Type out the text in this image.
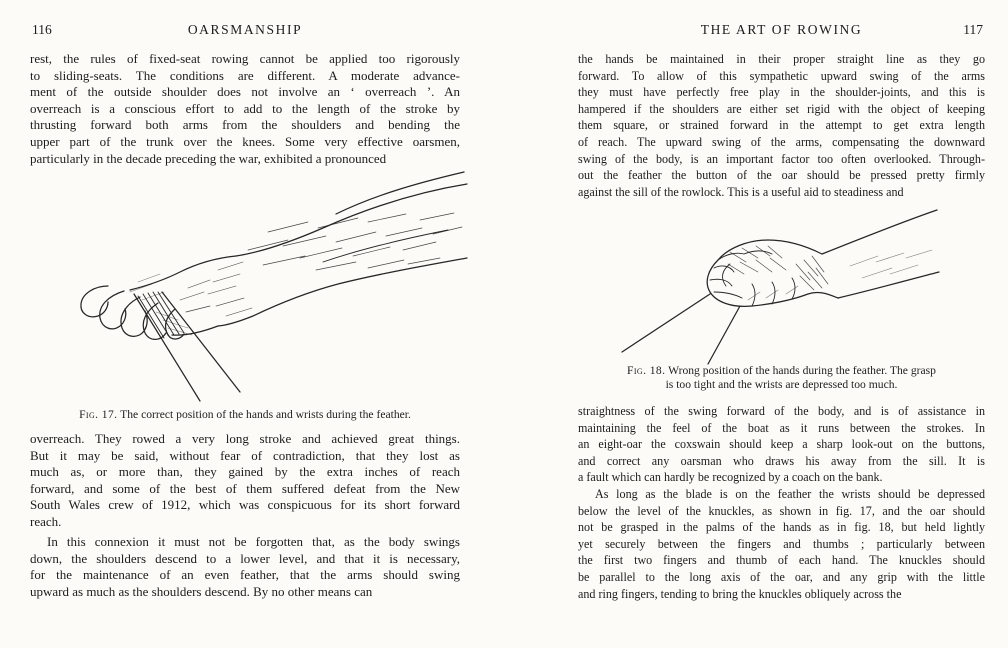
116	OARSMANSHIP
rest, the rules of fixed-seat rowing cannot be applied too rigorously
to sliding-seats. The conditions are different. A moderate advance-
ment of the outside shoulder does not involve an ‘ overreach ’. An
overreach is a conscious effort to add to the length of the stroke by
thrusting forward both arms from the shoulders and bending the
upper part of the trunk over the knees. Some very effective oarsmen,
particularly in the decade preceding the war, exhibited a pronounced
Fig. 17. The correct position of the hands and wrists during the feather.
overreach. They rowed a very long stroke and achieved great things.
But it may be said, without fear of contradiction, that they lost as
much as, or more than, they gained by the extra inches of reach
forward, and some of the best of them suffered defeat from the New
South Wales crew of 1912, which was conspicuous for its short forward
reach.
In this connexion it must not be forgotten that, as the body swings
down, the shoulders descend to a lower level, and that it is necessary,
for the maintenance of an even feather, that the arms should swing
upward as much as the shoulders descend. By no other means can
THE ART OF ROWING	117
the hands be maintained in their proper straight line as they go
forward. To allow of this sympathetic upward swing of the arms
they must have perfectly free play in the shoulder-joints, and this is
hampered if the shoulders are either set rigid with the object of keeping
them square, or strained forward in the attempt to get extra length
of reach. The upward swing of the arms, compensating the downward
swing of the body, is an important factor too often overlooked. Through-
out the feather the button of the oar should be pressed pretty firmly
against the sill of the rowlock. This is a useful aid to steadiness and
Fig. 18. Wrong position of the hands during the feather. The grasp
is too tight and the wrists are depressed too much.
straightness of the swing forward of the body, and is of assistance in
maintaining the feel of the boat as it runs between the strokes. In
an eight-oar the coxswain should keep a sharp look-out on the buttons,
and correct any oarsman who draws his away from the sill. It is
a fault which can hardly be recognized by a coach on the bank.
As long as the blade is on the feather the wrists should be depressed
below the level of the knuckles, as shown in fig. 17, and the oar should
not be grasped in the palms of the hands as in fig. 18, but held lightly
yet securely between the fingers and thumbs ; particularly between
the first two fingers and thumb of each hand. The knuckles should
be parallel to the long axis of the oar, and any grip with the little
and ring fingers, tending to bring the knuckles obliquely across the
